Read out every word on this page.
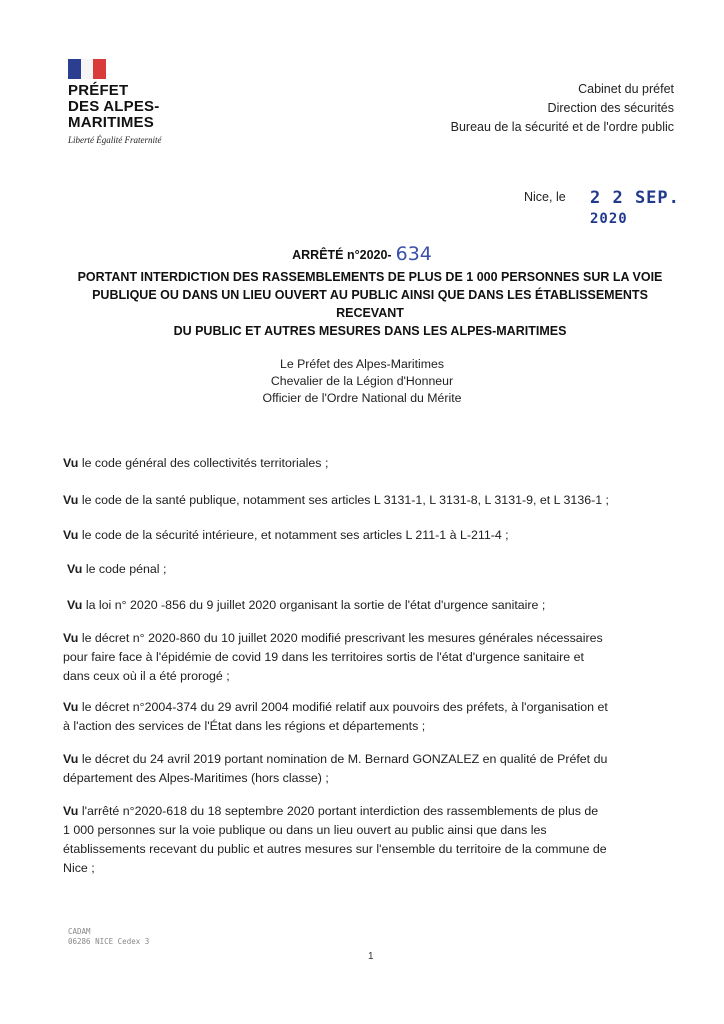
PRÉFET
DES ALPES-
MARITIMES
Liberté Égalité Fraternité
Cabinet du préfet
Direction des sécurités
Bureau de la sécurité et de l'ordre public
Nice, le 2 2 SEP. 2020
ARRÊTÉ n°2020- 634
PORTANT INTERDICTION DES RASSEMBLEMENTS DE PLUS DE 1 000 PERSONNES SUR LA VOIE
PUBLIQUE OU DANS UN LIEU OUVERT AU PUBLIC AINSI QUE DANS LES ÉTABLISSEMENTS RECEVANT
DU PUBLIC ET AUTRES MESURES DANS LES ALPES-MARITIMES
Le Préfet des Alpes-Maritimes
Chevalier de la Légion d'Honneur
Officier de l'Ordre National du Mérite
Vu le code général des collectivités territoriales ;
Vu le code de la santé publique, notamment ses articles L 3131-1, L 3131-8, L 3131-9, et L 3136-1 ;
Vu le code de la sécurité intérieure, et notamment ses articles L 211-1 à L-211-4 ;
Vu le code pénal ;
Vu la loi n° 2020 -856 du 9 juillet 2020 organisant la sortie de l'état d'urgence sanitaire ;
Vu le décret n° 2020-860 du 10 juillet 2020 modifié prescrivant les mesures générales nécessaires
pour faire face à l'épidémie de covid 19 dans les territoires sortis de l'état d'urgence sanitaire et
dans ceux où il a été prorogé ;
Vu le décret n°2004-374 du 29 avril 2004 modifié relatif aux pouvoirs des préfets, à l'organisation et
à l'action des services de l'État dans les régions et départements ;
Vu le décret du 24 avril 2019 portant nomination de M. Bernard GONZALEZ en qualité de Préfet du
département des Alpes-Maritimes (hors classe) ;
Vu l'arrêté n°2020-618 du 18 septembre 2020 portant interdiction des rassemblements de plus de
1 000 personnes sur la voie publique ou dans un lieu ouvert au public ainsi que dans les
établissements recevant du public et autres mesures sur l'ensemble du territoire de la commune de
Nice ;
CADAM
06286 NICE Cedex 3
1
